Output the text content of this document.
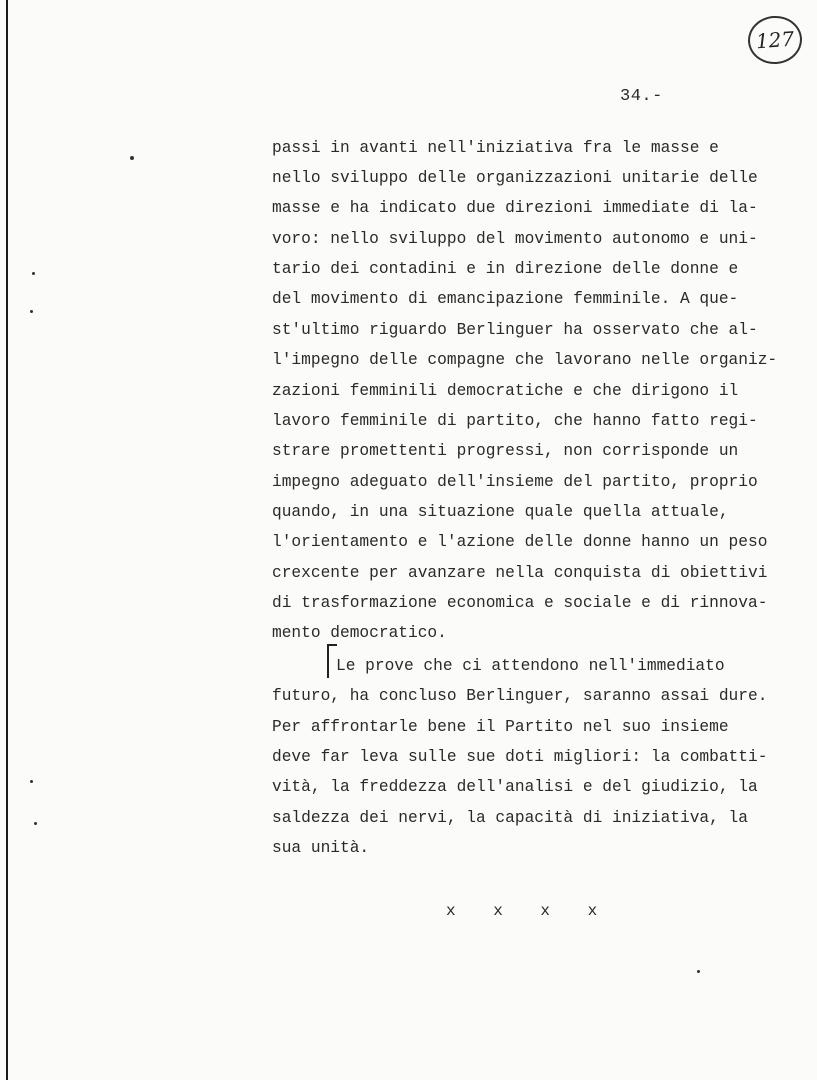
127
34.-
passi in avanti nell'iniziativa fra le masse e
nello sviluppo delle organizzazioni unitarie delle
masse e ha indicato due direzioni immediate di la-
voro: nello sviluppo del movimento autonomo e uni-
tario dei contadini e in direzione delle donne e
del movimento di emancipazione femminile. A que-
st'ultimo riguardo Berlinguer ha osservato che al-
l'impegno delle compagne che lavorano nelle organiz-
zazioni femminili democratiche e che dirigono il
lavoro femminile di partito, che hanno fatto regi-
strare promettenti progressi, non corrisponde un
impegno adeguato dell'insieme del partito, proprio
quando, in una situazione quale quella attuale,
l'orientamento e l'azione delle donne hanno un peso
crexcente per avanzare nella conquista di obiettivi
di trasformazione economica e sociale e di rinnova-
mento democratico.
Le prove che ci attendono nell'immediato
futuro, ha concluso Berlinguer, saranno assai dure.
Per affrontarle bene il Partito nel suo insieme
deve far leva sulle sue doti migliori: la combatti-
vità, la freddezza dell'analisi e del giudizio, la
saldezza dei nervi, la capacità di iniziativa, la
sua unità.
x x x x
